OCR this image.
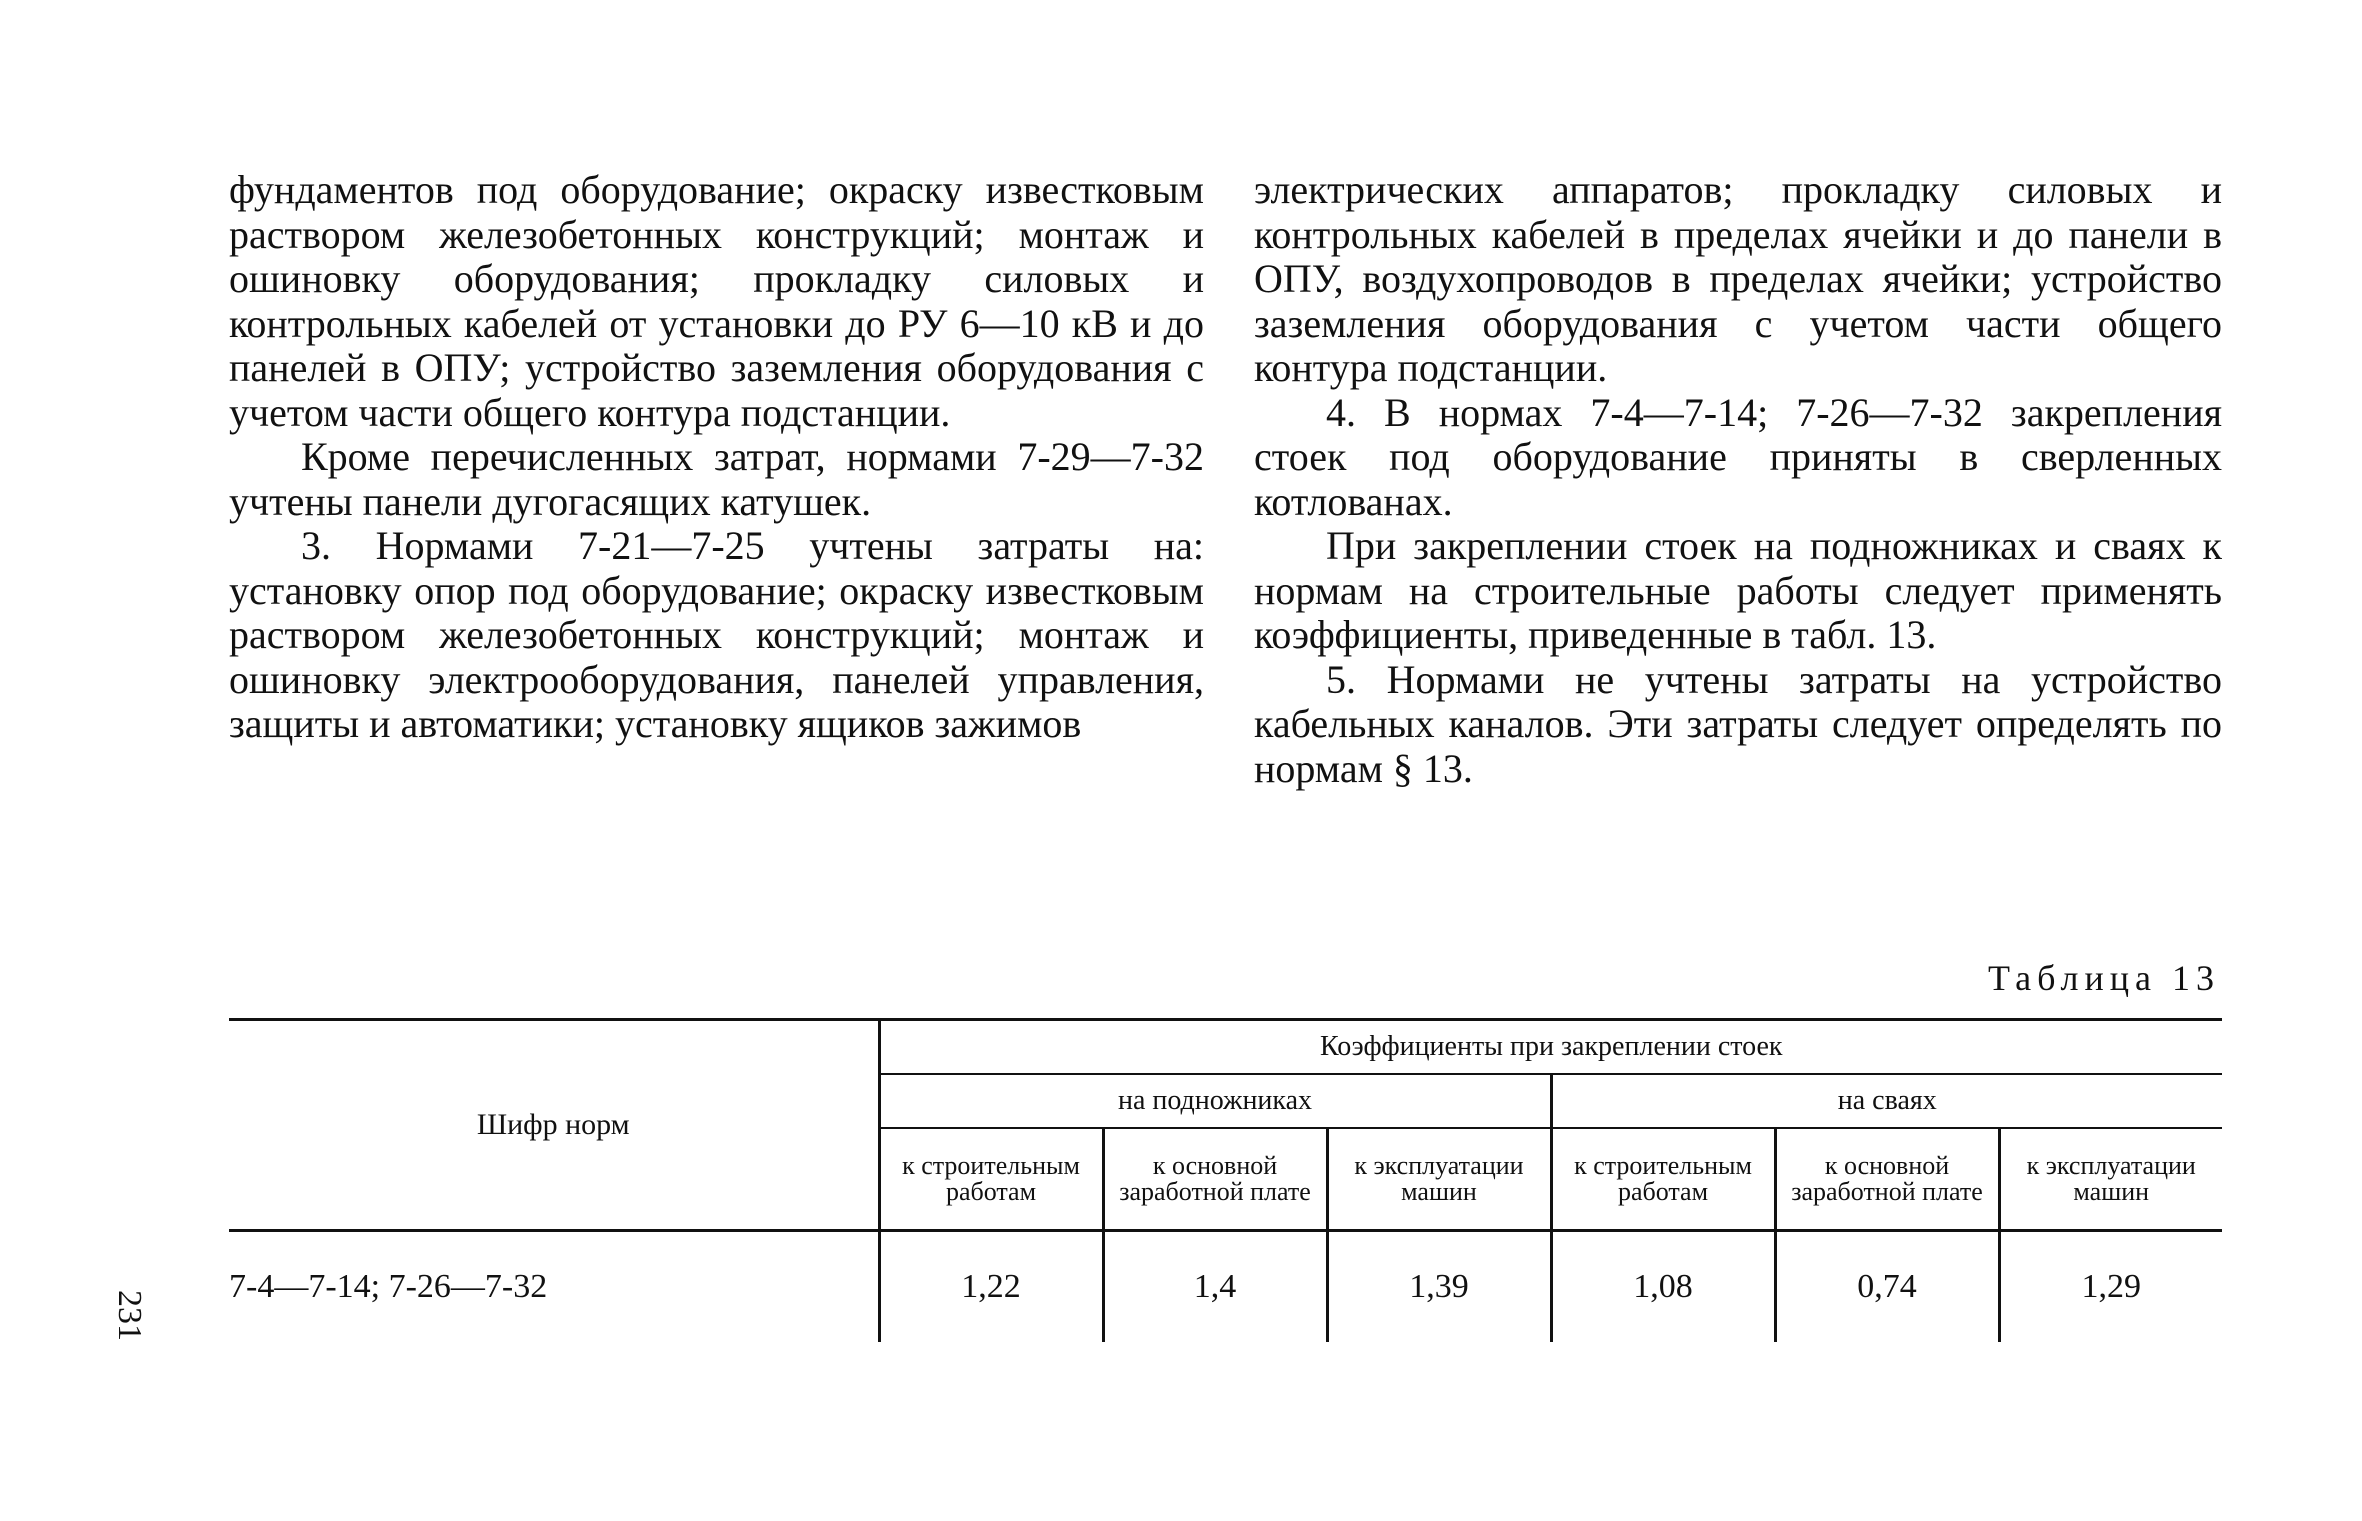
фундаментов под оборудование; окраску известковым раствором железобетонных конструкций; монтаж и ошиновку оборудования; прокладку силовых и контрольных кабелей от установки до РУ 6—10 кВ и до панелей в ОПУ; устройство заземления оборудования с учетом части общего контура подстанции.

Кроме перечисленных затрат, нормами 7-29—7-32 учтены панели дугогасящих катушек.

3. Нормами 7-21—7-25 учтены затраты на: установку опор под оборудование; окраску известковым раствором железобетонных конструкций; монтаж и ошиновку электрооборудования, панелей управления, защиты и автоматики; установку ящиков зажимов

электрических аппаратов; прокладку силовых и контрольных кабелей в пределах ячейки и до панели в ОПУ, воздухопроводов в пределах ячейки; устройство заземления оборудования с учетом части общего контура подстанции.

4. В нормах 7-4—7-14; 7-26—7-32 закрепления стоек под оборудование приняты в сверленных котлованах.

При закреплении стоек на подножниках и сваях к нормам на строительные работы следует применять коэффициенты, приведенные в табл. 13.

5. Нормами не учтены затраты на устройство кабельных каналов. Эти затраты следует определять по нормам § 13.

Таблица 13
231
Шифр норм	Коэффициенты при закреплении стоек					
	на подножниках			на сваях		
	к строительным работам	к основной заработной плате	к эксплуатации машин	к строительным работам	к основной заработной плате	к эксплуатации машин
7-4—7-14; 7-26—7-32	1,22	1,4	1,39	1,08	0,74	1,29
